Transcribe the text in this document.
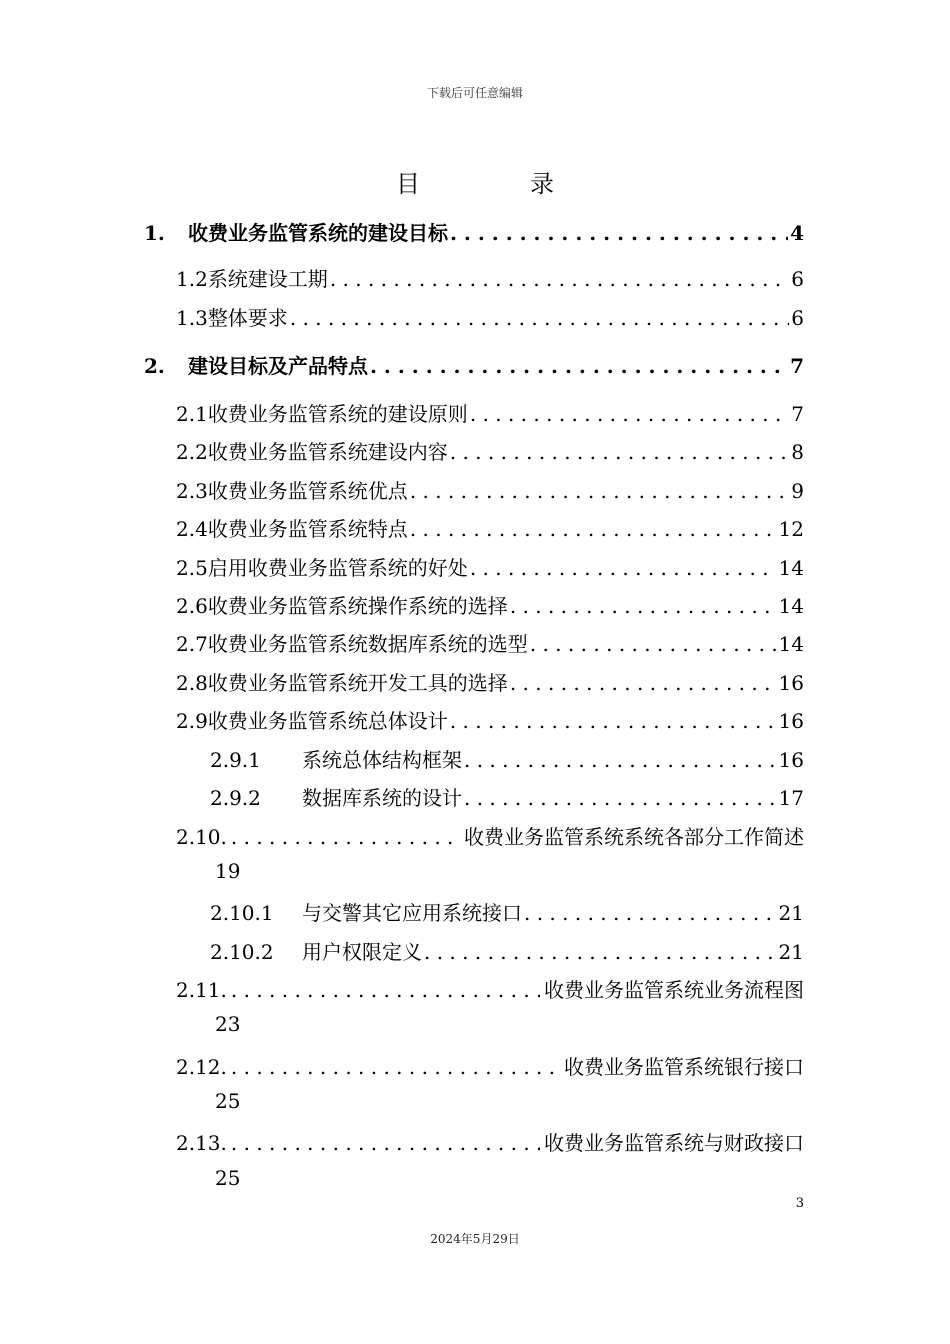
下载后可任意编辑
目	录
1.	收费业务监管系统的建设目标 . . .	4
1.2 系统建设工期 . . .	6
1.3 整体要求 . . .	6
2.	建设目标及产品特点 . . .	7
2.1 收费业务监管系统的建设原则 . . .	7
2.2 收费业务监管系统建设内容 . . .	8
2.3 收费业务监管系统优点 . . .	9
2.4 收费业务监管系统特点 . . .	12
2.5 启用收费业务监管系统的好处 . . .	14
2.6 收费业务监管系统操作系统的选择 . . .	14
2.7 收费业务监管系统数据库系统的选型 . . .	14
2.8 收费业务监管系统开发工具的选择 . . .	16
2.9 收费业务监管系统总体设计 . . .	16
2.9.1	系统总体结构框架 . . .	16
2.9.2	数据库系统的设计 . . .	17
2.10. . . .	收费业务监管系统系统各部分工作简述
19
2.10.1	与交警其它应用系统接口 . . .	21
2.10.2	用户权限定义 . . .	21
2.11. . . .	收费业务监管系统业务流程图
23
2.12. . . .	收费业务监管系统银行接口
25
2.13. . . .	收费业务监管系统与财政接口
25
3
2024年5月29日
